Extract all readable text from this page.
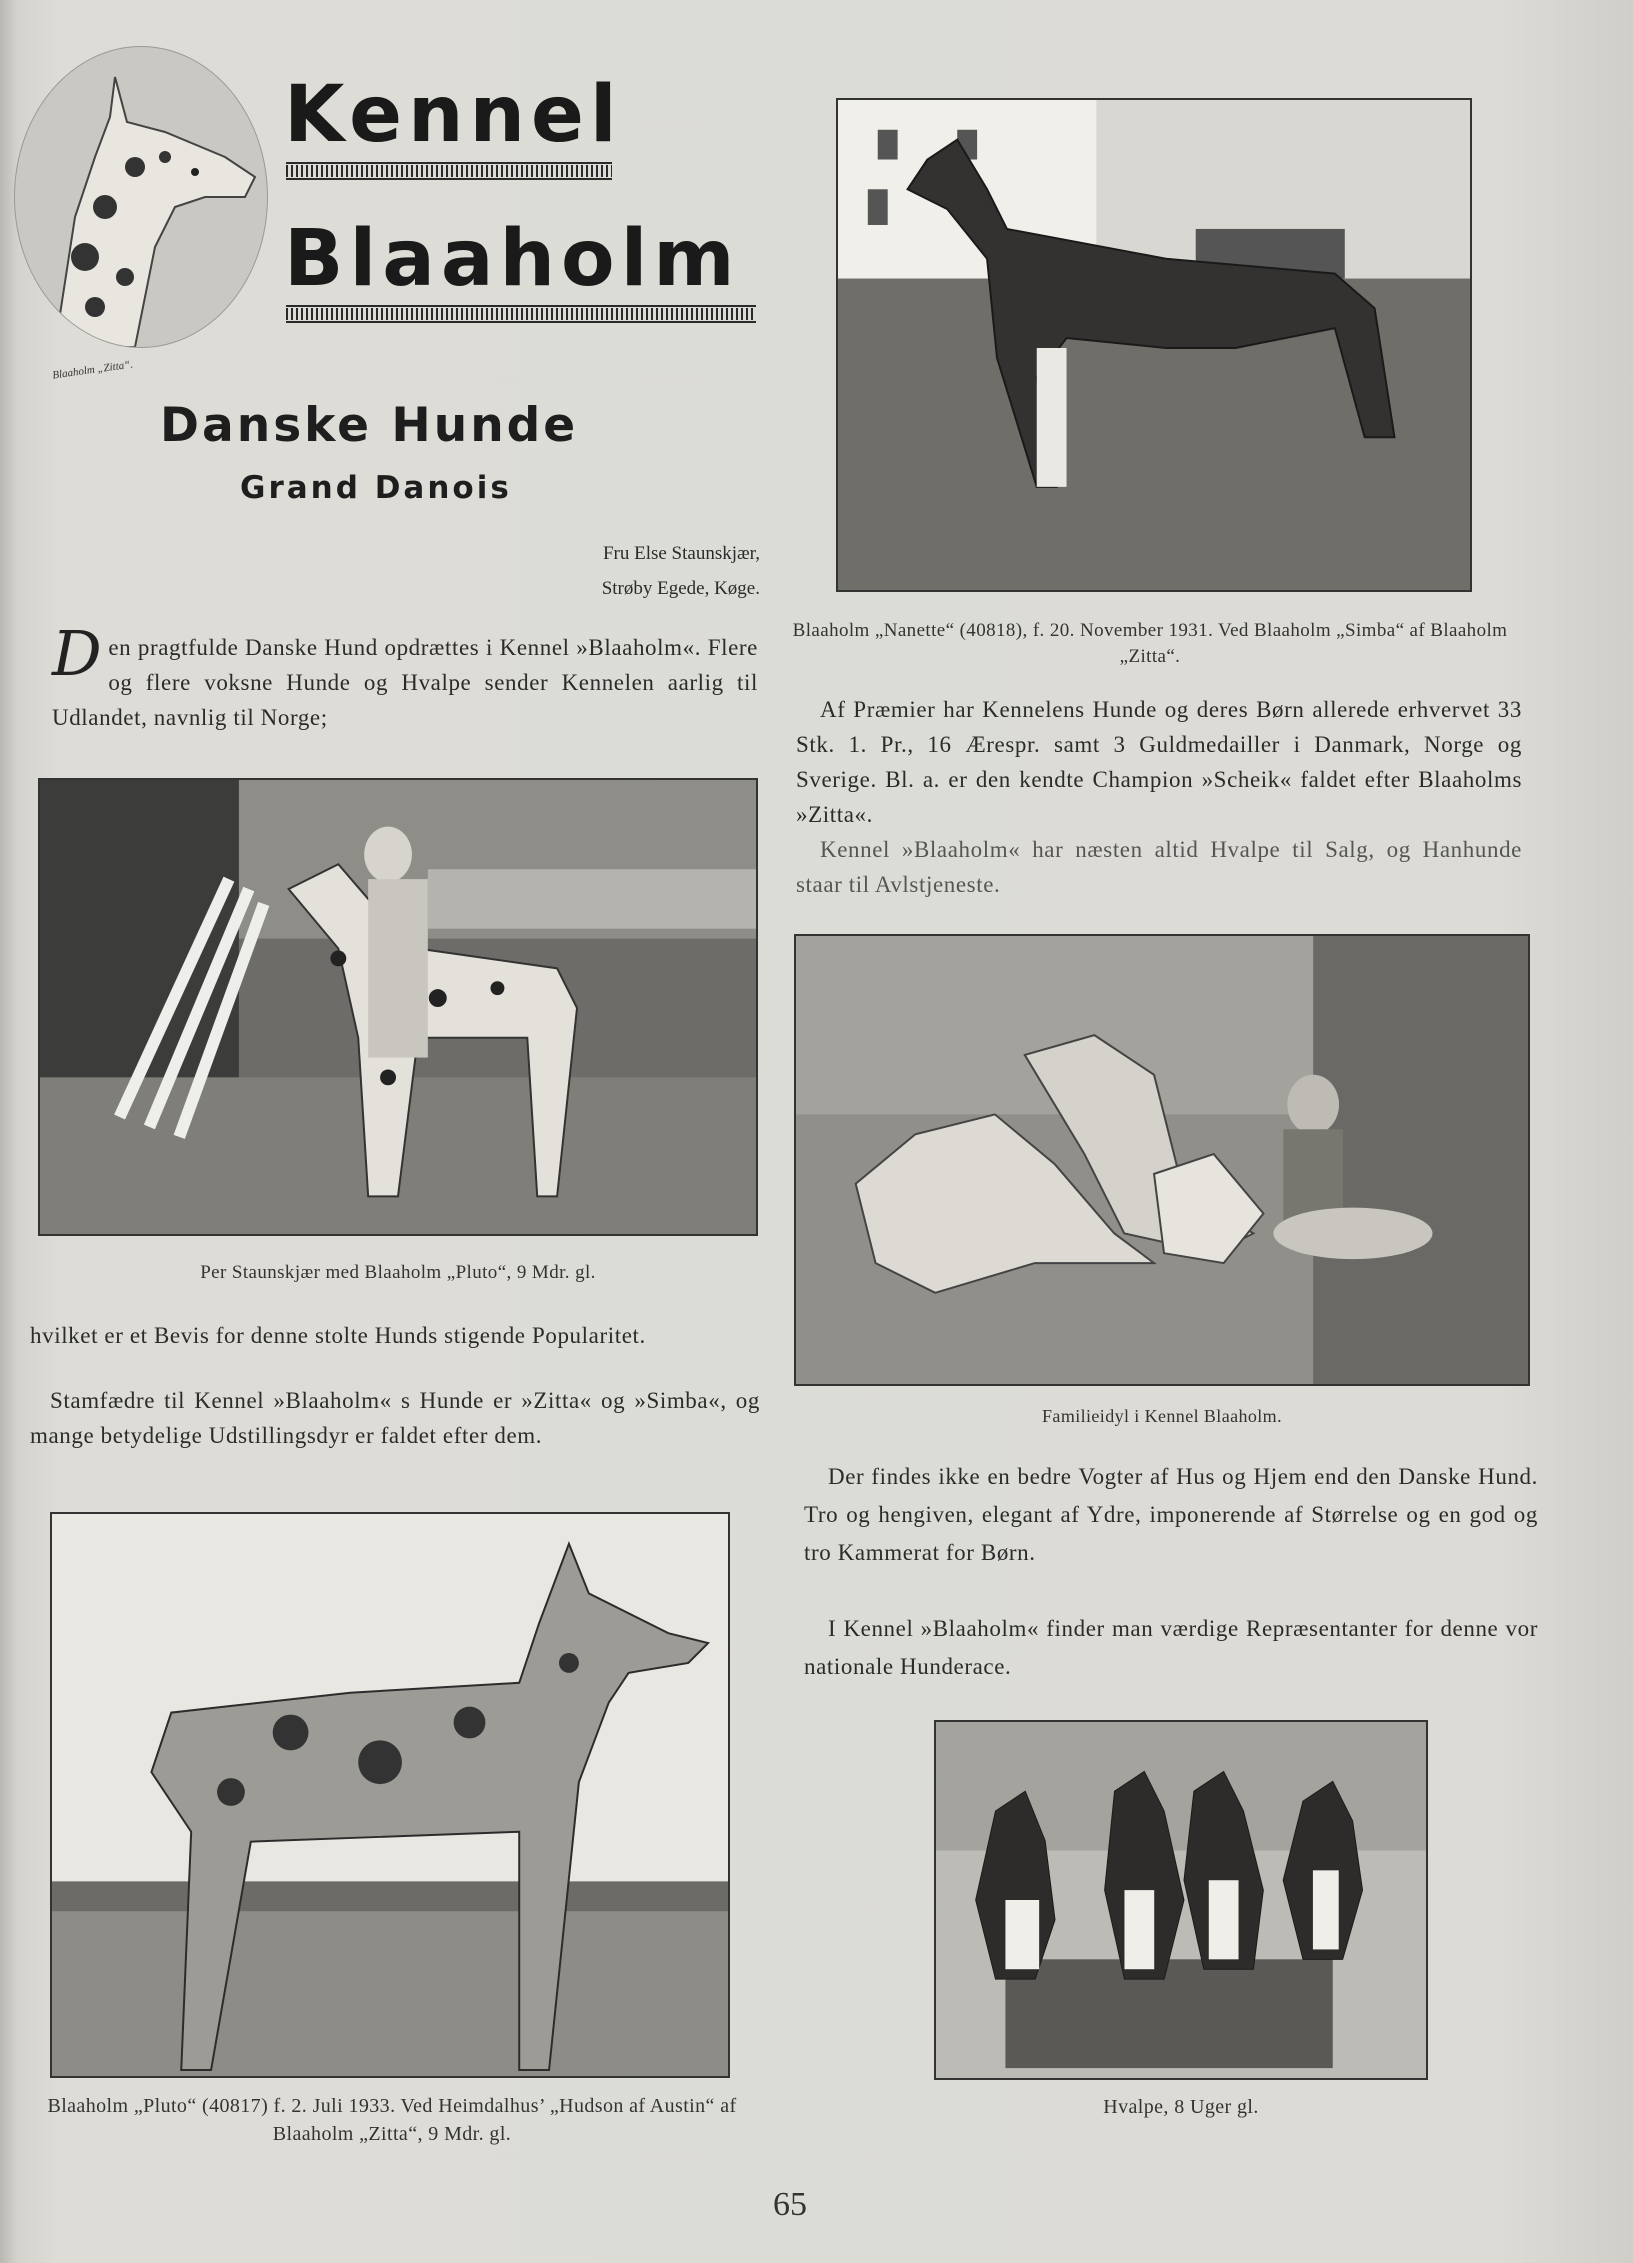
Blaaholm „Zitta“.
Kennel
Blaaholm
Danske Hunde
Grand Danois
Fru Else Staunskjær,
Strøby Egede, Køge.
Den pragtfulde Danske Hund opdrættes i Kennel »Blaaholm«. Flere og flere voksne Hunde og Hvalpe sender Kennelen aarlig til Udlandet, navnlig til Norge;
Per Staunskjær med Blaaholm „Pluto“, 9 Mdr. gl.
hvilket er et Bevis for denne stolte Hunds stigende Popularitet.
Stamfædre til Kennel »Blaaholm« s Hunde er »Zitta« og »Simba«, og mange betydelige Udstillingsdyr er faldet efter dem.
Blaaholm „Pluto“ (40817) f. 2. Juli 1933. Ved Heimdalhus’ „Hudson af Austin“ af Blaaholm „Zitta“, 9 Mdr. gl.
Blaaholm „Nanette“ (40818), f. 20. November 1931. Ved Blaaholm „Simba“ af Blaaholm „Zitta“.
Af Præmier har Kennelens Hunde og deres Børn allerede erhvervet 33 Stk. 1. Pr., 16 Ærespr. samt 3 Guldmedailler i Danmark, Norge og Sverige. Bl. a. er den kendte Champion »Scheik« faldet efter Blaaholms »Zitta«.
Kennel »Blaaholm« har næsten altid Hvalpe til Salg, og Hanhunde staar til Avlstjeneste.
Familieidyl i Kennel Blaaholm.
Der findes ikke en bedre Vogter af Hus og Hjem end den Danske Hund. Tro og hengiven, elegant af Ydre, imponerende af Størrelse og en god og tro Kammerat for Børn.
I Kennel »Blaaholm« finder man værdige Repræsentanter for denne vor nationale Hunderace.
Hvalpe, 8 Uger gl.
65
